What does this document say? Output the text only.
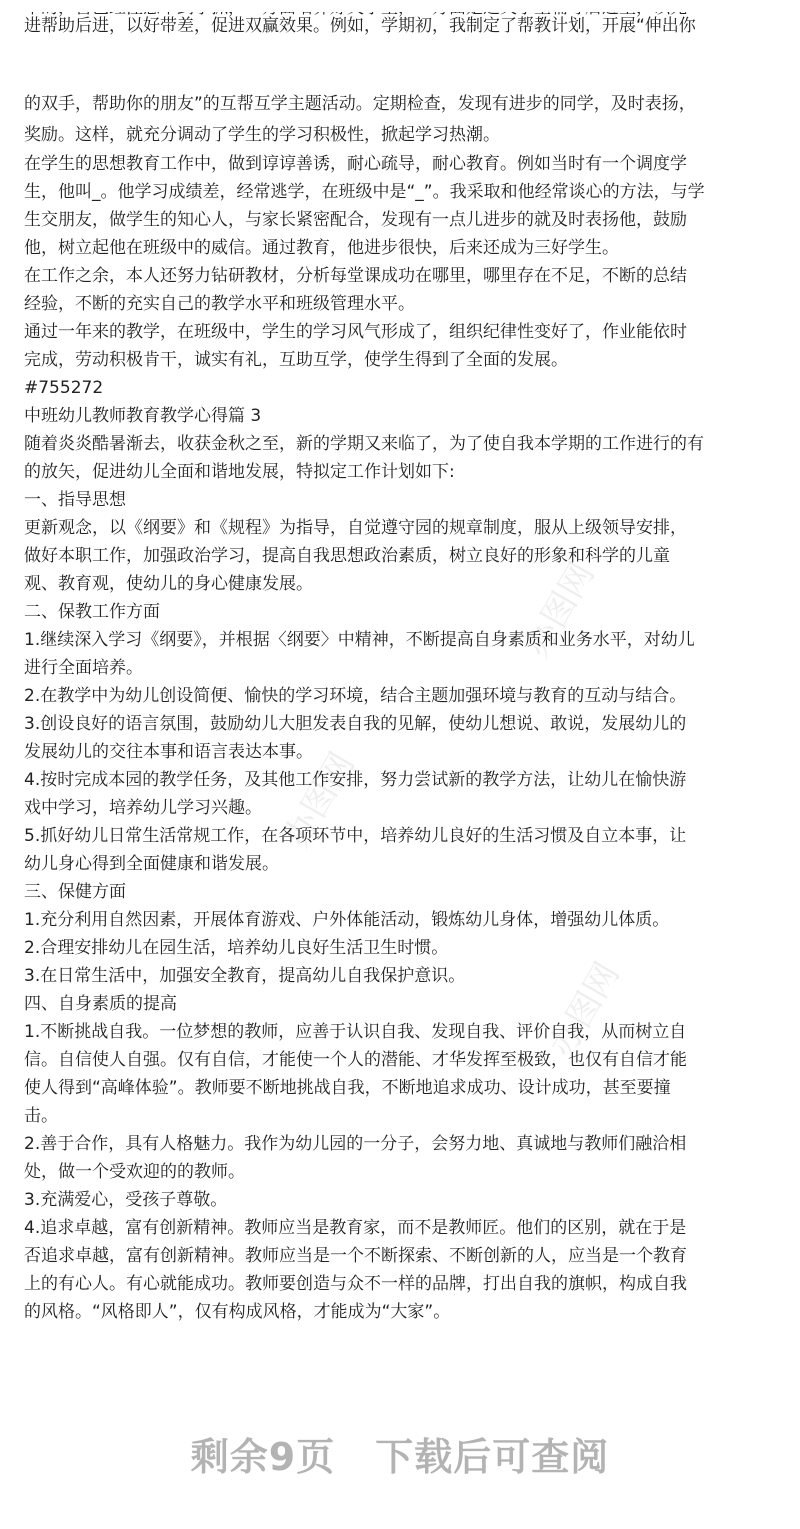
办图网
办图网
办图网
进帮助后进，以好带差，促进双赢效果。例如，学期初，我制定了帮教计划，开展“伸出你
的双手，帮助你的朋友”的互帮互学主题活动。定期检查，发现有进步的同学，及时表扬，
奖励。这样，就充分调动了学生的学习积极性，掀起学习热潮。
在学生的思想教育工作中，做到谆谆善诱，耐心疏导，耐心教育。例如当时有一个调度学
生，他叫_。他学习成绩差，经常逃学，在班级中是“_”。我采取和他经常谈心的方法，与学
生交朋友，做学生的知心人，与家长紧密配合，发现有一点儿进步的就及时表扬他，鼓励
他，树立起他在班级中的威信。通过教育，他进步很快，后来还成为三好学生。
在工作之余，本人还努力钻研教材，分析每堂课成功在哪里，哪里存在不足，不断的总结
经验，不断的充实自己的教学水平和班级管理水平。
通过一年来的教学，在班级中，学生的学习风气形成了，组织纪律性变好了，作业能依时
完成，劳动积极肯干，诚实有礼，互助互学，使学生得到了全面的发展。
#755272
中班幼儿教师教育教学心得篇 3
随着炎炎酷暑渐去，收获金秋之至，新的学期又来临了，为了使自我本学期的工作进行的有
的放矢，促进幼儿全面和谐地发展，特拟定工作计划如下:
一、指导思想
更新观念，以《纲要》和《规程》为指导，自觉遵守园的规章制度，服从上级领导安排，
做好本职工作，加强政治学习，提高自我思想政治素质，树立良好的形象和科学的儿童
观、教育观，使幼儿的身心健康发展。
二、保教工作方面
1.继续深入学习《纲要》，并根据〈纲要〉中精神，不断提高自身素质和业务水平，对幼儿
进行全面培养。
2.在教学中为幼儿创设简便、愉快的学习环境，结合主题加强环境与教育的互动与结合。
3.创设良好的语言氛围，鼓励幼儿大胆发表自我的见解，使幼儿想说、敢说，发展幼儿的
发展幼儿的交往本事和语言表达本事。
4.按时完成本园的教学任务，及其他工作安排，努力尝试新的教学方法，让幼儿在愉快游
戏中学习，培养幼儿学习兴趣。
5.抓好幼儿日常生活常规工作，在各项环节中，培养幼儿良好的生活习惯及自立本事，让
幼儿身心得到全面健康和谐发展。
三、保健方面
1.充分利用自然因素，开展体育游戏、户外体能活动，锻炼幼儿身体，增强幼儿体质。
2.合理安排幼儿在园生活，培养幼儿良好生活卫生时惯。
3.在日常生活中，加强安全教育，提高幼儿自我保护意识。
四、自身素质的提高
1.不断挑战自我。一位梦想的教师，应善于认识自我、发现自我、评价自我，从而树立自
信。自信使人自强。仅有自信，才能使一个人的潜能、才华发挥至极致，也仅有自信才能
使人得到“高峰体验”。教师要不断地挑战自我，不断地追求成功、设计成功，甚至要撞
击。
2.善于合作，具有人格魅力。我作为幼儿园的一分子，会努力地、真诚地与教师们融洽相
处，做一个受欢迎的的教师。
3.充满爱心，受孩子尊敬。
4.追求卓越，富有创新精神。教师应当是教育家，而不是教师匠。他们的区别，就在于是
否追求卓越，富有创新精神。教师应当是一个不断探索、不断创新的人，应当是一个教育
上的有心人。有心就能成功。教师要创造与众不一样的品牌，打出自我的旗帜，构成自我
的风格。“风格即人”，仅有构成风格，才能成为“大家”。
剩余9页 下载后可查阅
